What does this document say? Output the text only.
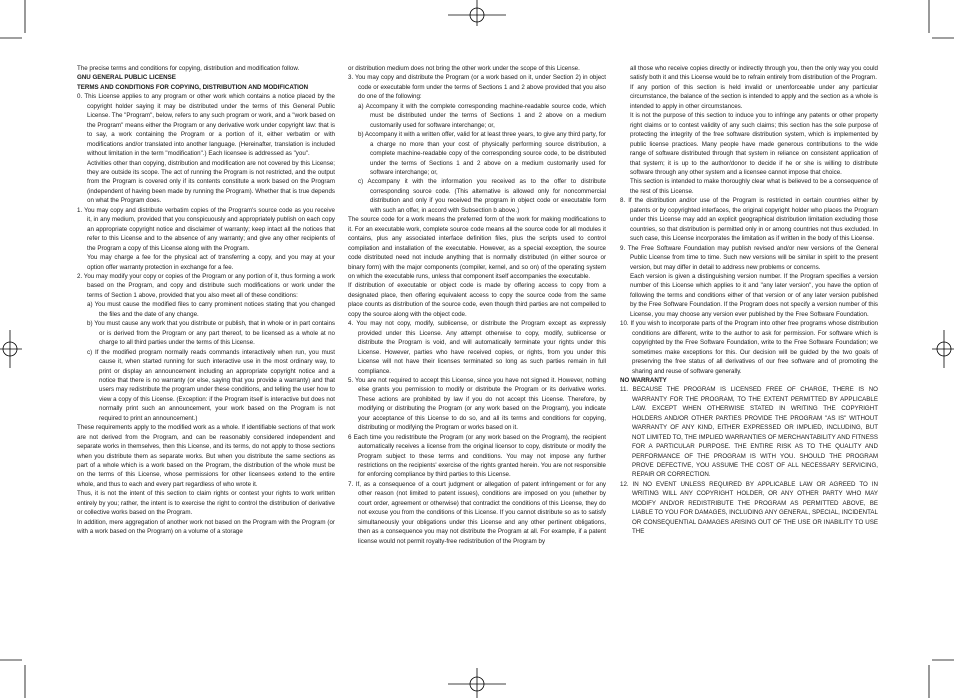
The precise terms and conditions for copying, distribution and modification follow.

GNU GENERAL PUBLIC LICENSE

TERMS AND CONDITIONS FOR COPYING, DISTRIBUTION AND MODIFICATION

0. This License applies to any program or other work which contains a notice placed by the copyright holder saying it may be distributed under the terms of this General Public License. The "Program", below, refers to any such program or work, and a "work based on the Program" means either the Program or any derivative work under copyright law: that is to say, a work containing the Program or a portion of it, either verbatim or with modifications and/or translated into another language. (Hereinafter, translation is included without limitation in the term "modification".) Each licensee is addressed as "you".

Activities other than copying, distribution and modification are not covered by this License; they are outside its scope. The act of running the Program is not restricted, and the output from the Program is covered only if its contents constitute a work based on the Program (independent of having been made by running the Program). Whether that is true depends on what the Program does.

1. You may copy and distribute verbatim copies of the Program's source code as you receive it, in any medium, provided that you conspicuously and appropriately publish on each copy an appropriate copyright notice and disclaimer of warranty; keep intact all the notices that refer to this License and to the absence of any warranty; and give any other recipients of the Program a copy of this License along with the Program.

You may charge a fee for the physical act of transferring a copy, and you may at your option offer warranty protection in exchange for a fee.

2. You may modify your copy or copies of the Program or any portion of it, thus forming a work based on the Program, and copy and distribute such modifications or work under the terms of Section 1 above, provided that you also meet all of these conditions:

a) You must cause the modified files to carry prominent notices stating that you changed the files and the date of any change.

b) You must cause any work that you distribute or publish, that in whole or in part contains or is derived from the Program or any part thereof, to be licensed as a whole at no charge to all third parties under the terms of this License.

c) If the modified program normally reads commands interactively when run, you must cause it, when started running for such interactive use in the most ordinary way, to print or display an announcement including an appropriate copyright notice and a notice that there is no warranty (or else, saying that you provide a warranty) and that users may redistribute the program under these conditions, and telling the user how to view a copy of this License. (Exception: if the Program itself is interactive but does not normally print such an announcement, your work based on the Program is not required to print an announcement.)

These requirements apply to the modified work as a whole. If identifiable sections of that work are not derived from the Program, and can be reasonably considered independent and separate works in themselves, then this License, and its terms, do not apply to those sections when you distribute them as separate works. But when you distribute the same sections as part of a whole which is a work based on the Program, the distribution of the whole must be on the terms of this License, whose permissions for other licensees extend to the entire whole, and thus to each and every part regardless of who wrote it.

Thus, it is not the intent of this section to claim rights or contest your rights to work written entirely by you; rather, the intent is to exercise the right to control the distribution of derivative or collective works based on the Program.

In addition, mere aggregation of another work not based on the Program with the Program (or with a work based on the Program) on a volume of a storage

or distribution medium does not bring the other work under the scope of this License.

3. You may copy and distribute the Program (or a work based on it, under Section 2) in object code or executable form under the terms of Sections 1 and 2 above provided that you also do one of the following:

a) Accompany it with the complete corresponding machine-readable source code, which must be distributed under the terms of Sections 1 and 2 above on a medium customarily used for software interchange; or,

b) Accompany it with a written offer, valid for at least three years, to give any third party, for a charge no more than your cost of physically performing source distribution, a complete machine-readable copy of the corresponding source code, to be distributed under the terms of Sections 1 and 2 above on a medium customarily used for software interchange; or,

c) Accompany it with the information you received as to the offer to distribute corresponding source code. (This alternative is allowed only for noncommercial distribution and only if you received the program in object code or executable form with such an offer, in accord with Subsection b above.)

The source code for a work means the preferred form of the work for making modifications to it. For an executable work, complete source code means all the source code for all modules it contains, plus any associated interface definition files, plus the scripts used to control compilation and installation of the executable. However, as a special exception, the source code distributed need not include anything that is normally distributed (in either source or binary form) with the major components (compiler, kernel, and so on) of the operating system on which the executable runs, unless that component itself accompanies the executable.

If distribution of executable or object code is made by offering access to copy from a designated place, then offering equivalent access to copy the source code from the same place counts as distribution of the source code, even though third parties are not compelled to copy the source along with the object code.

4. You may not copy, modify, sublicense, or distribute the Program except as expressly provided under this License. Any attempt otherwise to copy, modify, sublicense or distribute the Program is void, and will automatically terminate your rights under this License. However, parties who have received copies, or rights, from you under this License will not have their licenses terminated so long as such parties remain in full compliance.

5. You are not required to accept this License, since you have not signed it. However, nothing else grants you permission to modify or distribute the Program or its derivative works. These actions are prohibited by law if you do not accept this License. Therefore, by modifying or distributing the Program (or any work based on the Program), you indicate your acceptance of this License to do so, and all its terms and conditions for copying, distributing or modifying the Program or works based on it.

6 Each time you redistribute the Program (or any work based on the Program), the recipient automatically receives a license from the original licensor to copy, distribute or modify the Program subject to these terms and conditions. You may not impose any further restrictions on the recipients' exercise of the rights granted herein. You are not responsible for enforcing compliance by third parties to this License.

7. If, as a consequence of a court judgment or allegation of patent infringement or for any other reason (not limited to patent issues), conditions are imposed on you (whether by court order, agreement or otherwise) that contradict the conditions of this License, they do not excuse you from the conditions of this License. If you cannot distribute so as to satisfy simultaneously your obligations under this License and any other pertinent obligations, then as a consequence you may not distribute the Program at all. For example, if a patent license would not permit royalty-free redistribution of the Program by

all those who receive copies directly or indirectly through you, then the only way you could satisfy both it and this License would be to refrain entirely from distribution of the Program.

If any portion of this section is held invalid or unenforceable under any particular circumstance, the balance of the section is intended to apply and the section as a whole is intended to apply in other circumstances.

It is not the purpose of this section to induce you to infringe any patents or other property right claims or to contest validity of any such claims; this section has the sole purpose of protecting the integrity of the free software distribution system, which is implemented by public license practices. Many people have made generous contributions to the wide range of software distributed through that system in reliance on consistent application of that system; it is up to the author/donor to decide if he or she is willing to distribute software through any other system and a licensee cannot impose that choice.

This section is intended to make thoroughly clear what is believed to be a consequence of the rest of this License.

8. If the distribution and/or use of the Program is restricted in certain countries either by patents or by copyrighted interfaces, the original copyright holder who places the Program under this License may add an explicit geographical distribution limitation excluding those countries, so that distribution is permitted only in or among countries not thus excluded. In such case, this License incorporates the limitation as if written in the body of this License.

9. The Free Software Foundation may publish revised and/or new versions of the General Public License from time to time. Such new versions will be similar in spirit to the present version, but may differ in detail to address new problems or concerns.

Each version is given a distinguishing version number. If the Program specifies a version number of this License which applies to it and "any later version", you have the option of following the terms and conditions either of that version or of any later version published by the Free Software Foundation. If the Program does not specify a version number of this License, you may choose any version ever published by the Free Software Foundation.

10. If you wish to incorporate parts of the Program into other free programs whose distribution conditions are different, write to the author to ask for permission. For software which is copyrighted by the Free Software Foundation, write to the Free Software Foundation; we sometimes make exceptions for this. Our decision will be guided by the two goals of preserving the free status of all derivatives of our free software and of promoting the sharing and reuse of software generally.

NO WARRANTY

11. BECAUSE THE PROGRAM IS LICENSED FREE OF CHARGE, THERE IS NO WARRANTY FOR THE PROGRAM, TO THE EXTENT PERMITTED BY APPLICABLE LAW. EXCEPT WHEN OTHERWISE STATED IN WRITING THE COPYRIGHT HOLDERS AND/OR OTHER PARTIES PROVIDE THE PROGRAM "AS IS" WITHOUT WARRANTY OF ANY KIND, EITHER EXPRESSED OR IMPLIED, INCLUDING, BUT NOT LIMITED TO, THE IMPLIED WARRANTIES OF MERCHANTABILITY AND FITNESS FOR A PARTICULAR PURPOSE. THE ENTIRE RISK AS TO THE QUALITY AND PERFORMANCE OF THE PROGRAM IS WITH YOU. SHOULD THE PROGRAM PROVE DEFECTIVE, YOU ASSUME THE COST OF ALL NECESSARY SERVICING, REPAIR OR CORRECTION.

12. IN NO EVENT UNLESS REQUIRED BY APPLICABLE LAW OR AGREED TO IN WRITING WILL ANY COPYRIGHT HOLDER, OR ANY OTHER PARTY WHO MAY MODIFY AND/OR REDISTRIBUTE THE PROGRAM AS PERMITTED ABOVE, BE LIABLE TO YOU FOR DAMAGES, INCLUDING ANY GENERAL, SPECIAL, INCIDENTAL OR CONSEQUENTIAL DAMAGES ARISING OUT OF THE USE OR INABILITY TO USE THE
